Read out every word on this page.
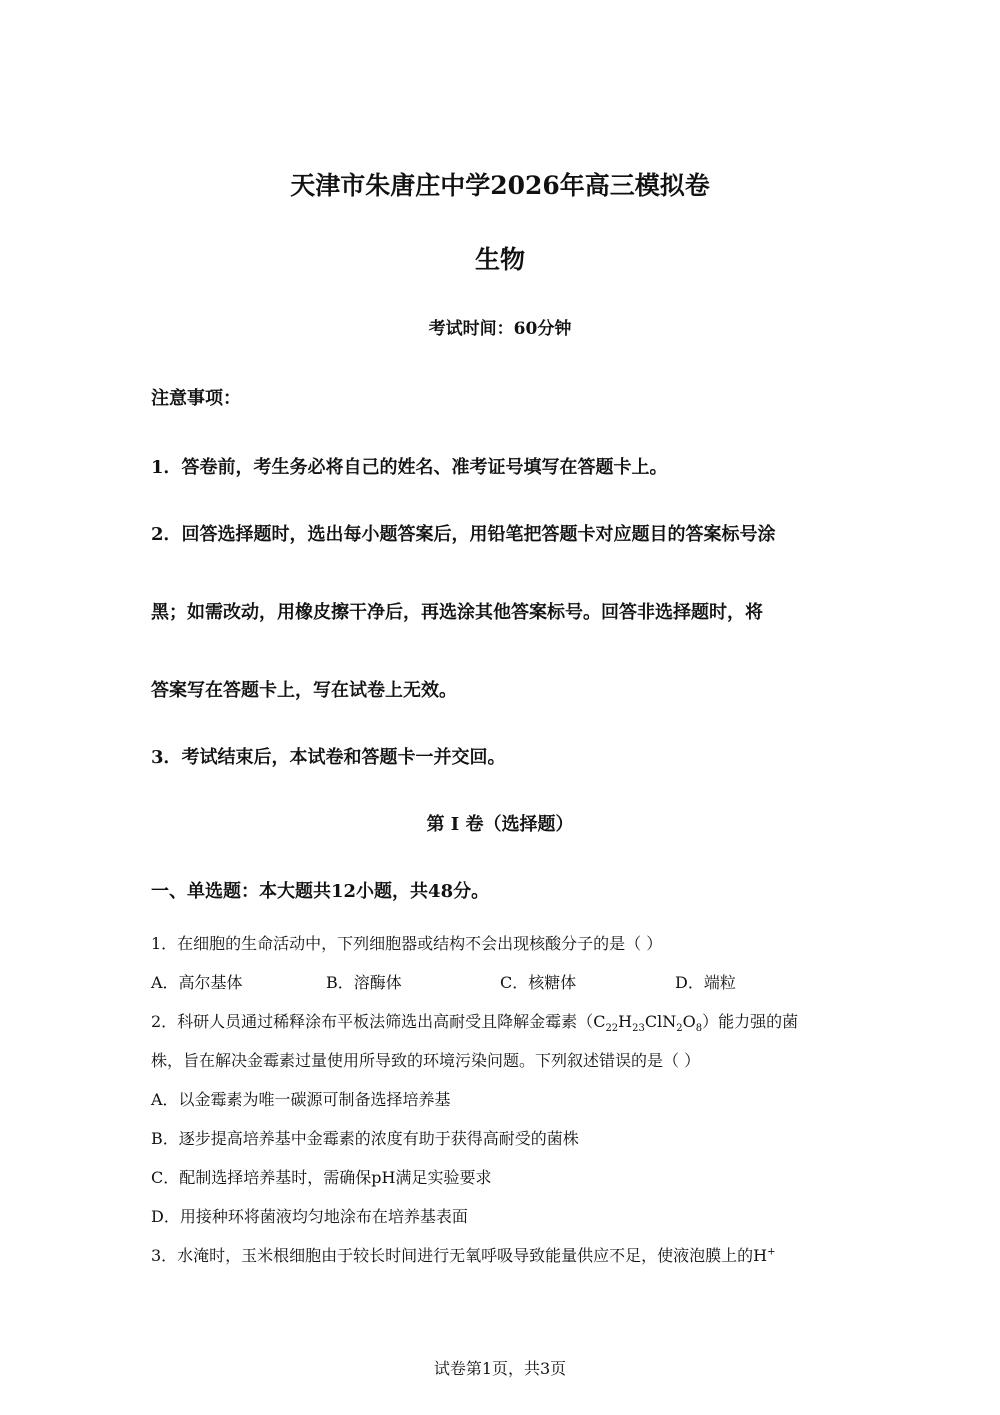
天津市朱唐庄中学2026年高三模拟卷
生物
考试时间：60分钟
注意事项：
1．答卷前，考生务必将自己的姓名、准考证号填写在答题卡上。
2．回答选择题时，选出每小题答案后，用铅笔把答题卡对应题目的答案标号涂
黑；如需改动，用橡皮擦干净后，再选涂其他答案标号。回答非选择题时，将
答案写在答题卡上，写在试卷上无效。
3．考试结束后，本试卷和答题卡一并交回。
第 I 卷（选择题）
一、单选题：本大题共12小题，共48分。
1．在细胞的生命活动中，下列细胞器或结构不会出现核酸分子的是（ ）
A．高尔基体	B．溶酶体	C．核糖体	D．端粒
2．科研人员通过稀释涂布平板法筛选出高耐受且降解金霉素$(C_{22}H_{23}ClN_2O_8)$能力强的菌
株，旨在解决金霉素过量使用所导致的环境污染问题。下列叙述错误的是（ ）
A．以金霉素为唯一碳源可制备选择培养基
B．逐步提高培养基中金霉素的浓度有助于获得高耐受的菌株
C．配制选择培养基时，需确保pH满足实验要求
D．用接种环将菌液均匀地涂布在培养基表面
3．水淹时，玉米根细胞由于较长时间进行无氧呼吸导致能量供应不足，使液泡膜上的H+
试卷第1页，共3页
